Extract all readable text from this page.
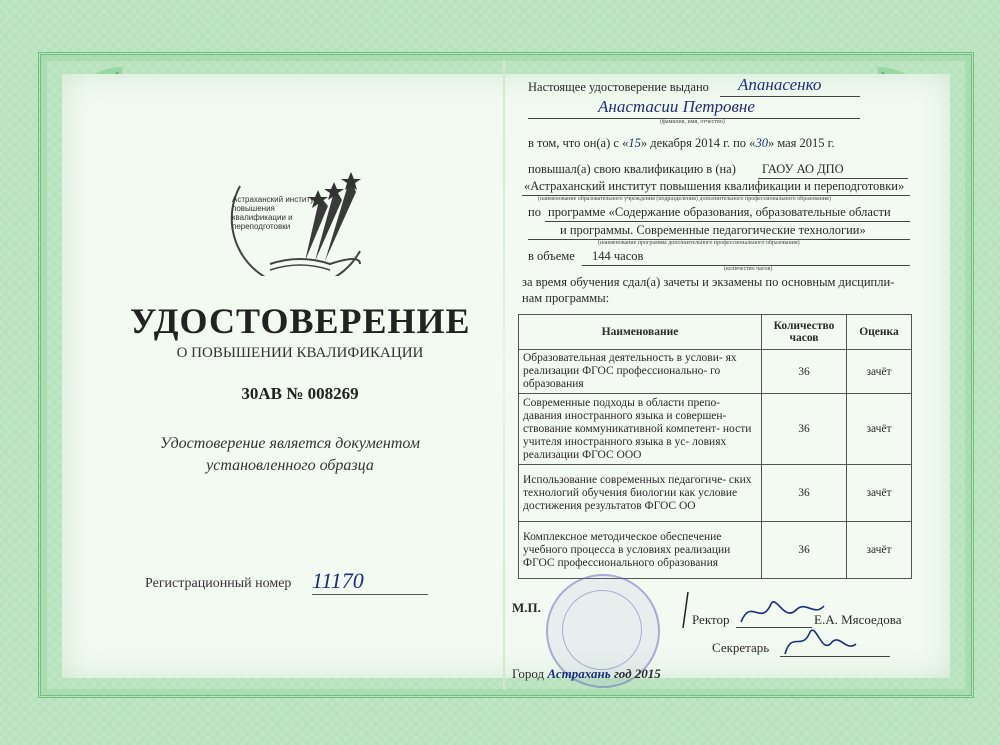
Астраханский институт повышения квалификации и переподготовки
УДОСТОВЕРЕНИЕ
О ПОВЫШЕНИИ КВАЛИФИКАЦИИ
30АВ № 008269
Удостоверение является документом
установленного образца
Регистрационный номер 11170
Настоящее удостоверение выдано Апанасенко
Анастасии Петровне
(фамилия, имя, отчество)
в том, что он(а) с «15» декабря 2014 г. по «30» мая 2015 г.
повышал(а) свою квалификацию в (на) ГАОУ АО ДПО
«Астраханский институт повышения квалификации и переподготовки»
(наименование образовательного учреждения (подразделения) дополнительного профессионального образования)
по программе «Содержание образования, образовательные области
и программы. Современные педагогические технологии»
(наименование программы дополнительного профессионального образования)
в объеме 144 часов
(количество часов)
за время обучения сдал(а) зачеты и экзамены по основным дисципли-
нам программы:
Наименование	Количество часов	Оценка
Образовательная деятельность в услови- ях реализации ФГОС профессионально- го образования	36	зачёт
Современные подходы в области препо- давания иностранного языка и совершен- ствование коммуникативной компетент- ности учителя иностранного языка в ус- ловиях реализации ФГОС ООО	36	зачёт
Использование современных педагогиче- ских технологий обучения биологии как условие достижения результатов ФГОС ОО	36	зачёт
Комплексное методическое обеспечение учебного процесса в условиях реализации ФГОС профессионального образования	36	зачёт
М.П.
Ректор	Е.А. Мясоедова
Секретарь
Город Астрахань год 2015
